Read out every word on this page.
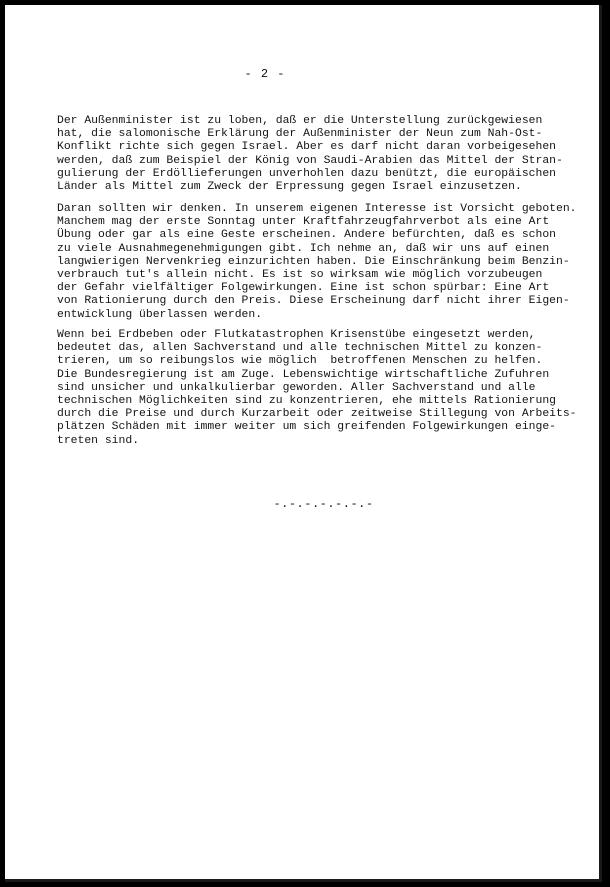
- 2 -
Der Außenminister ist zu loben, daß er die Unterstellung zurückgewiesen
hat, die salomonische Erklärung der Außenminister der Neun zum Nah-Ost-
Konflikt richte sich gegen Israel. Aber es darf nicht daran vorbeigesehen
werden, daß zum Beispiel der König von Saudi-Arabien das Mittel der Stran-
gulierung der Erdöllieferungen unverhohlen dazu benützt, die europäischen
Länder als Mittel zum Zweck der Erpressung gegen Israel einzusetzen.
Daran sollten wir denken. In unserem eigenen Interesse ist Vorsicht geboten.
Manchem mag der erste Sonntag unter Kraftfahrzeugfahrverbot als eine Art
Übung oder gar als eine Geste erscheinen. Andere befürchten, daß es schon
zu viele Ausnahmegenehmigungen gibt. Ich nehme an, daß wir uns auf einen
langwierigen Nervenkrieg einzurichten haben. Die Einschränkung beim Benzin-
verbrauch tut's allein nicht. Es ist so wirksam wie möglich vorzubeugen
der Gefahr vielfältiger Folgewirkungen. Eine ist schon spürbar: Eine Art
von Rationierung durch den Preis. Diese Erscheinung darf nicht ihrer Eigen-
entwicklung überlassen werden.
Wenn bei Erdbeben oder Flutkatastrophen Krisenstübe eingesetzt werden,
bedeutet das, allen Sachverstand und alle technischen Mittel zu konzen-
trieren, um so reibungslos wie möglich  betroffenen Menschen zu helfen.
Die Bundesregierung ist am Zuge. Lebenswichtige wirtschaftliche Zufuhren
sind unsicher und unkalkulierbar geworden. Aller Sachverstand und alle
technischen Möglichkeiten sind zu konzentrieren, ehe mittels Rationierung
durch die Preise und durch Kurzarbeit oder zeitweise Stillegung von Arbeits-
plätzen Schäden mit immer weiter um sich greifenden Folgewirkungen einge-
treten sind.
-.-.-.-.-.-.-
